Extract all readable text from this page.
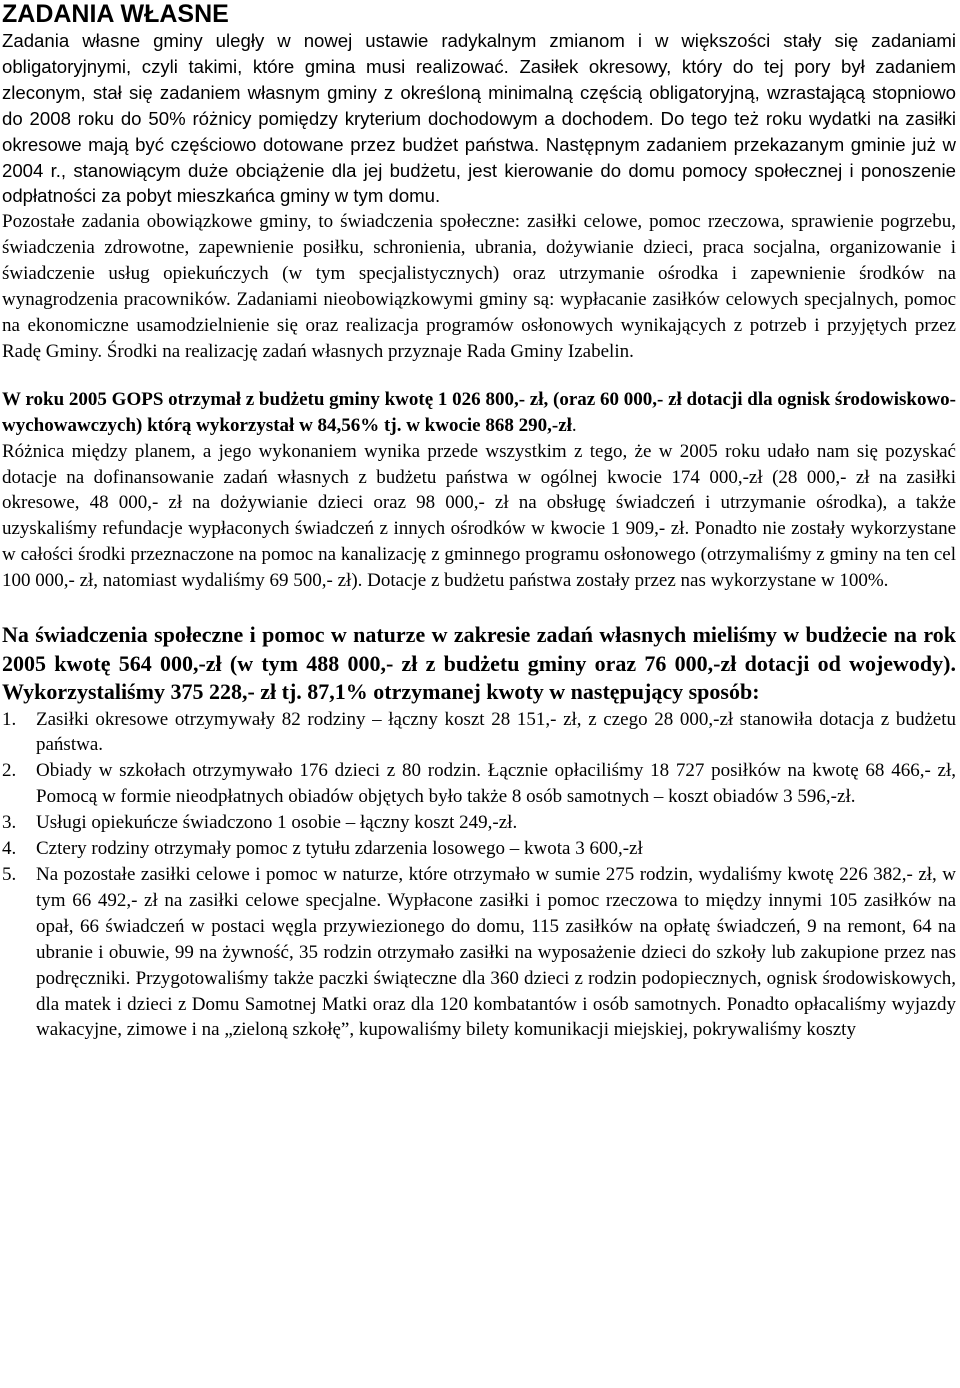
ZADANIA WŁASNE

Zadania własne gminy uległy w nowej ustawie radykalnym zmianom i w większości stały się zadaniami obligatoryjnymi, czyli takimi, które gmina musi realizować. Zasiłek okresowy, który do tej pory był zadaniem zleconym, stał się zadaniem własnym gminy z określoną minimalną częścią obligatoryjną, wzrastającą stopniowo do 2008 roku do 50% różnicy pomiędzy kryterium dochodowym a dochodem. Do tego też roku wydatki na zasiłki okresowe mają być częściowo dotowane przez budżet państwa. Następnym zadaniem przekazanym gminie już w 2004 r., stanowiącym duże obciążenie dla jej budżetu, jest kierowanie do domu pomocy społecznej i ponoszenie odpłatności za pobyt mieszkańca gminy w tym domu.

Pozostałe zadania obowiązkowe gminy, to świadczenia społeczne: zasiłki celowe, pomoc rzeczowa, sprawienie pogrzebu, świadczenia zdrowotne, zapewnienie posiłku, schronienia, ubrania, dożywianie dzieci, praca socjalna, organizowanie i świadczenie usług opiekuńczych (w tym specjalistycznych) oraz utrzymanie ośrodka i zapewnienie środków na wynagrodzenia pracowników. Zadaniami nieobowiązkowymi gminy są: wypłacanie zasiłków celowych specjalnych, pomoc na ekonomiczne usamodzielnienie się oraz realizacja programów osłonowych wynikających z potrzeb i przyjętych przez Radę Gminy. Środki na realizację zadań własnych przyznaje Rada Gminy Izabelin.

W roku 2005 GOPS otrzymał z budżetu gminy kwotę 1 026 800,- zł, (oraz 60 000,- zł dotacji dla ognisk środowiskowo-wychowawczych) którą wykorzystał w 84,56% tj. w kwocie 868 290,-zł.

Różnica między planem, a jego wykonaniem wynika przede wszystkim z tego, że w 2005 roku udało nam się pozyskać dotacje na dofinansowanie zadań własnych z budżetu państwa w ogólnej kwocie 174 000,-zł (28 000,- zł na zasiłki okresowe, 48 000,- zł na dożywianie dzieci oraz 98 000,- zł na obsługę świadczeń i utrzymanie ośrodka), a także uzyskaliśmy refundacje wypłaconych świadczeń z innych ośrodków w kwocie 1 909,- zł. Ponadto nie zostały wykorzystane w całości środki przeznaczone na pomoc na kanalizację z gminnego programu osłonowego (otrzymaliśmy z gminy na ten cel 100 000,- zł, natomiast wydaliśmy 69 500,- zł). Dotacje z budżetu państwa zostały przez nas wykorzystane w 100%.

Na świadczenia społeczne i pomoc w naturze w zakresie zadań własnych mieliśmy w budżecie na rok 2005 kwotę 564 000,-zł (w tym 488 000,- zł z budżetu gminy oraz 76 000,-zł dotacji od wojewody). Wykorzystaliśmy 375 228,- zł tj. 87,1% otrzymanej kwoty w następujący sposób:

1.	Zasiłki okresowe otrzymywały 82 rodziny – łączny koszt 28 151,- zł, z czego 28 000,-zł stanowiła dotacja z budżetu państwa.
2.	Obiady w szkołach otrzymywało 176 dzieci z 80 rodzin. Łącznie opłaciliśmy 18 727 posiłków na kwotę 68 466,- zł, Pomocą w formie nieodpłatnych obiadów objętych było także 8 osób samotnych – koszt obiadów 3 596,-zł.
3.	Usługi opiekuńcze świadczono 1 osobie – łączny koszt 249,-zł.
4.	Cztery rodziny otrzymały pomoc z tytułu zdarzenia losowego – kwota 3 600,-zł
5.	Na pozostałe zasiłki celowe i pomoc w naturze, które otrzymało w sumie 275 rodzin, wydaliśmy kwotę 226 382,- zł, w tym 66 492,- zł na zasiłki celowe specjalne. Wypłacone zasiłki i pomoc rzeczowa to między innymi 105 zasiłków na opał, 66 świadczeń w postaci węgla przywiezionego do domu, 115 zasiłków na opłatę świadczeń, 9 na remont, 64 na ubranie i obuwie, 99 na żywność, 35 rodzin otrzymało zasiłki na wyposażenie dzieci do szkoły lub zakupione przez nas podręczniki. Przygotowaliśmy także paczki świąteczne dla 360 dzieci z rodzin podopiecznych, ognisk środowiskowych, dla matek i dzieci z Domu Samotnej Matki oraz dla 120 kombatantów i osób samotnych. Ponadto opłacaliśmy wyjazdy wakacyjne, zimowe i na „zieloną szkołę”, kupowaliśmy bilety komunikacji miejskiej, pokrywaliśmy koszty
